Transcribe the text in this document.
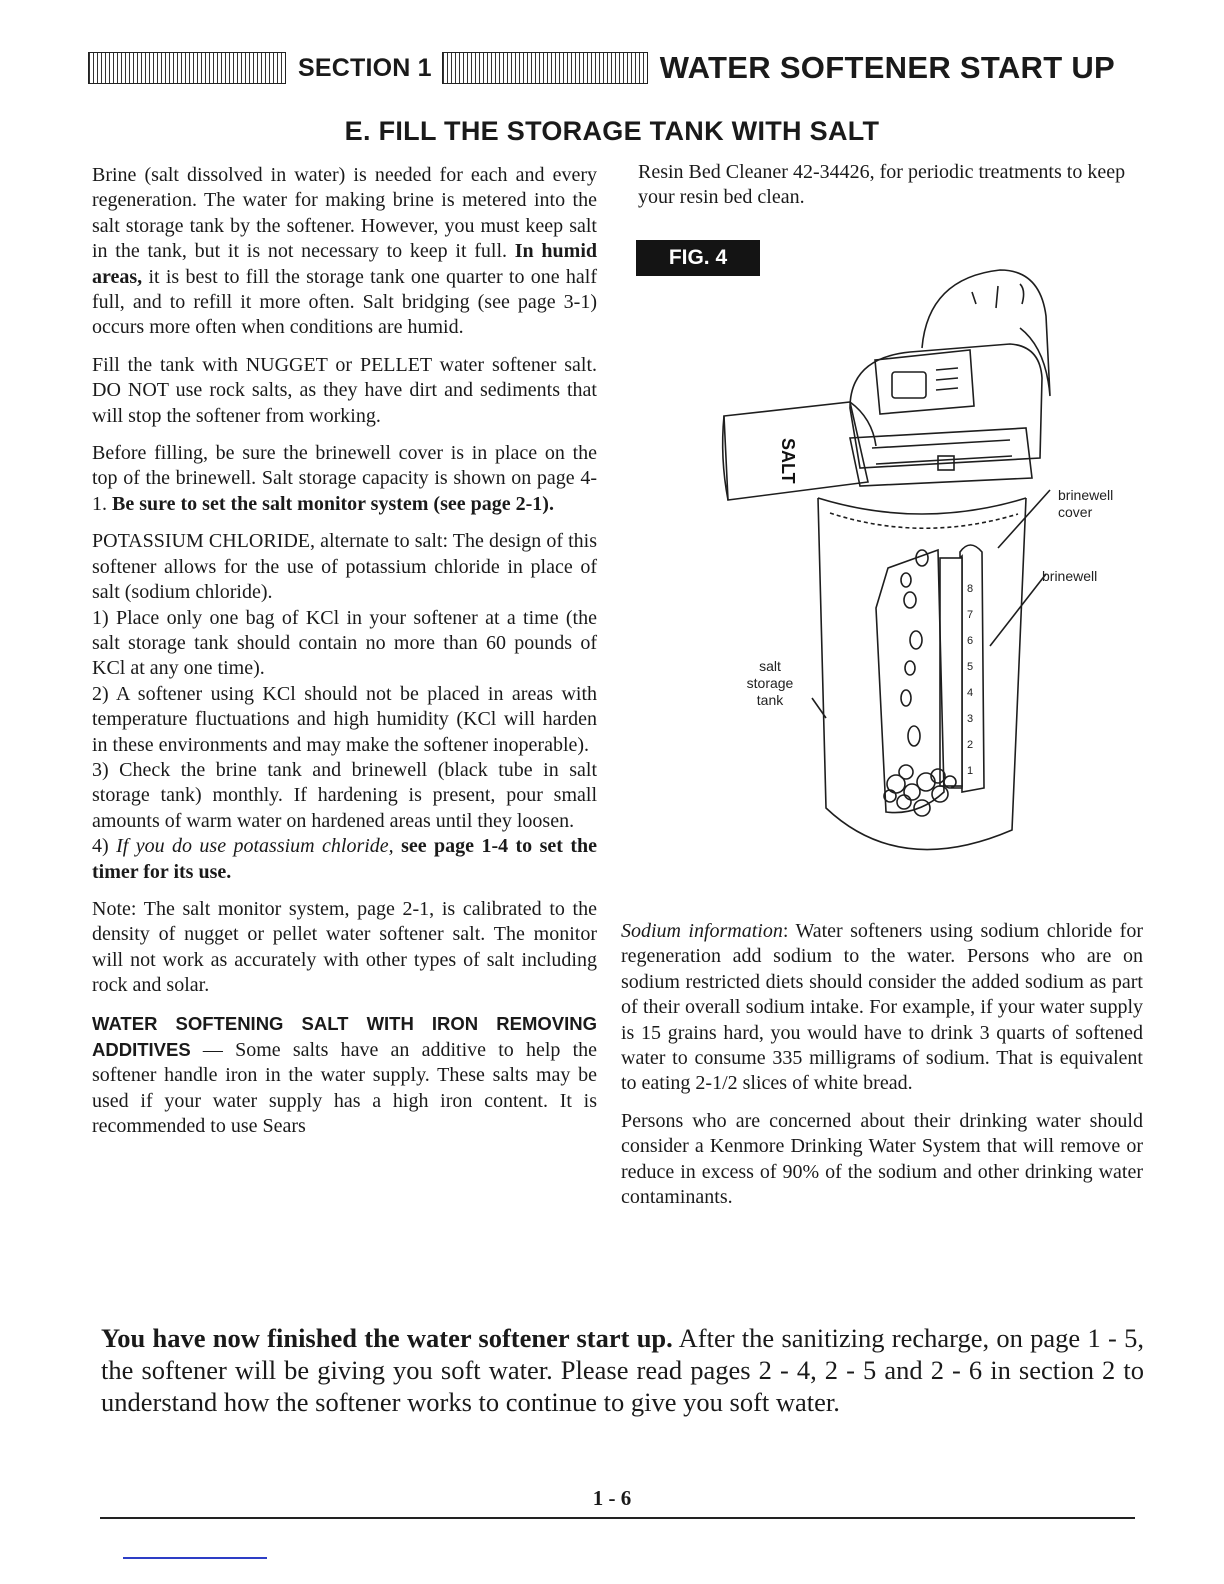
SECTION 1	WATER SOFTENER START UP
E. FILL THE STORAGE TANK WITH SALT

Brine (salt dissolved in water) is needed for each and every regeneration. The water for making brine is metered into the salt storage tank by the softener. However, you must keep salt in the tank, but it is not necessary to keep it full. In humid areas, it is best to fill the storage tank one quarter to one half full, and to refill it more often. Salt bridging (see page 3-1) occurs more often when conditions are humid.

Fill the tank with NUGGET or PELLET water softener salt. DO NOT use rock salts, as they have dirt and sediments that will stop the softener from working.

Before filling, be sure the brinewell cover is in place on the top of the brinewell. Salt storage capacity is shown on page 4-1. Be sure to set the salt monitor system (see page 2-1).

POTASSIUM CHLORIDE, alternate to salt: The design of this softener allows for the use of potassium chloride in place of salt (sodium chloride).

1) Place only one bag of KCl in your softener at a time (the salt storage tank should contain no more than 60 pounds of KCl at any one time).

2) A softener using KCl should not be placed in areas with temperature fluctuations and high humidity (KCl will harden in these environments and may make the softener inoperable).

3) Check the brine tank and brinewell (black tube in salt storage tank) monthly. If hardening is present, pour small amounts of warm water on hardened areas until they loosen.

4) If you do use potassium chloride, see page 1-4 to set the timer for its use.

Note: The salt monitor system, page 2-1, is calibrated to the density of nugget or pellet water softener salt. The monitor will not work as accurately with other types of salt including rock and solar.

WATER SOFTENING SALT WITH IRON REMOVING ADDITIVES — Some salts have an additive to help the softener handle iron in the water supply. These salts may be used if your water supply has a high iron content. It is recommended to use Sears

Resin Bed Cleaner 42-34426, for periodic treatments to keep your resin bed clean.

FIG. 4
8
7
6
5
4
3
2
1
SALT
brinewell
cover
brinewell
salt
storage
tank

Sodium information: Water softeners using sodium chloride for regeneration add sodium to the water. Persons who are on sodium restricted diets should consider the added sodium as part of their overall sodium intake. For example, if your water supply is 15 grains hard, you would have to drink 3 quarts of softened water to consume 335 milligrams of sodium. That is equivalent to eating 2-1/2 slices of white bread.

Persons who are concerned about their drinking water should consider a Kenmore Drinking Water System that will remove or reduce in excess of 90% of the sodium and other drinking water contaminants.

You have now finished the water softener start up. After the sanitizing recharge, on page 1 - 5, the softener will be giving you soft water. Please read pages 2 - 4, 2 - 5 and 2 - 6 in section 2 to understand how the softener works to continue to give you soft water.
1 - 6
